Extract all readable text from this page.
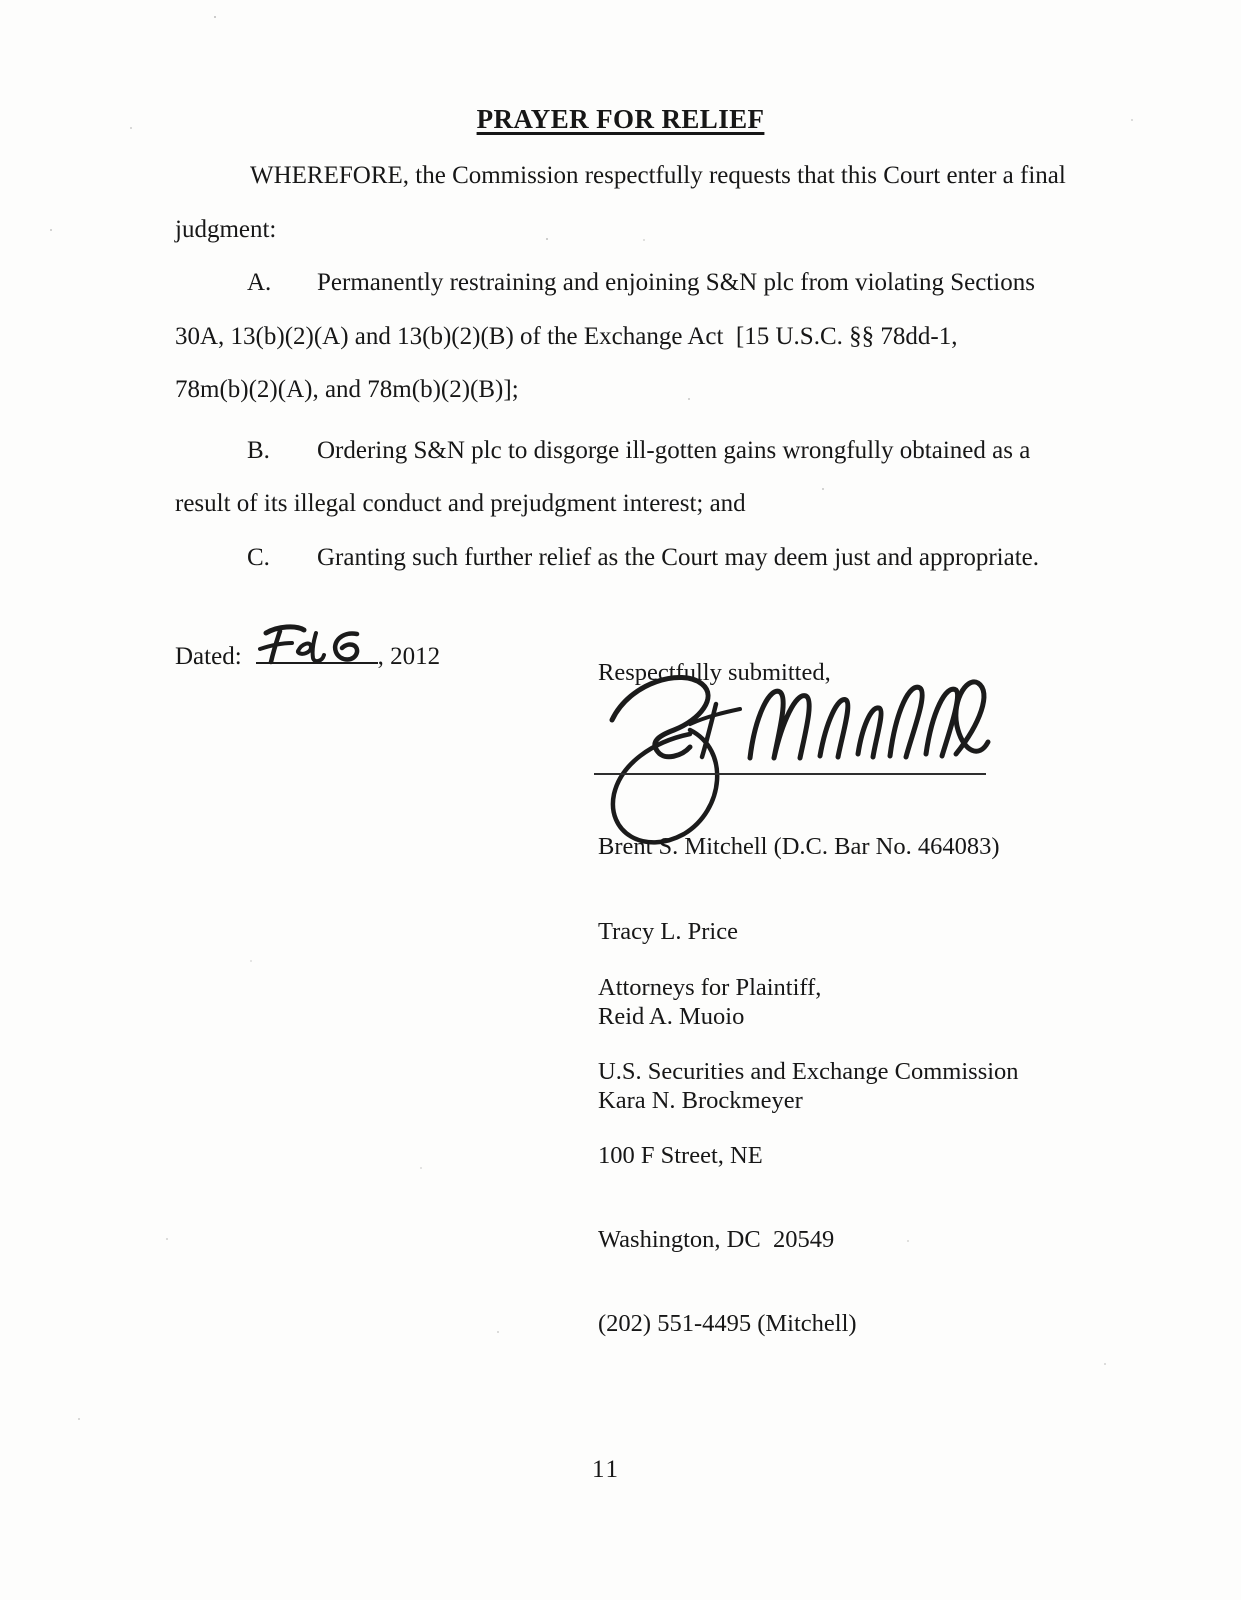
PRAYER FOR RELIEF
WHEREFORE, the Commission respectfully requests that this Court enter a final
judgment:
A. Permanently restraining and enjoining S&N plc from violating Sections
30A, 13(b)(2)(A) and 13(b)(2)(B) of the Exchange Act  [15 U.S.C. §§ 78dd-1,
78m(b)(2)(A), and 78m(b)(2)(B)];
B. Ordering S&N plc to disgorge ill-gotten gains wrongfully obtained as a
result of its illegal conduct and prejudgment interest; and
C. Granting such further relief as the Court may deem just and appropriate.
Dated:	, 2012
Respectfully submitted,

Brent S. Mitchell (D.C. Bar No. 464083)

Tracy L. Price

Reid A. Muoio

Kara N. Brockmeyer

Attorneys for Plaintiff,

U.S. Securities and Exchange Commission

100 F Street, NE

Washington, DC  20549

(202) 551-4495 (Mitchell)

11
